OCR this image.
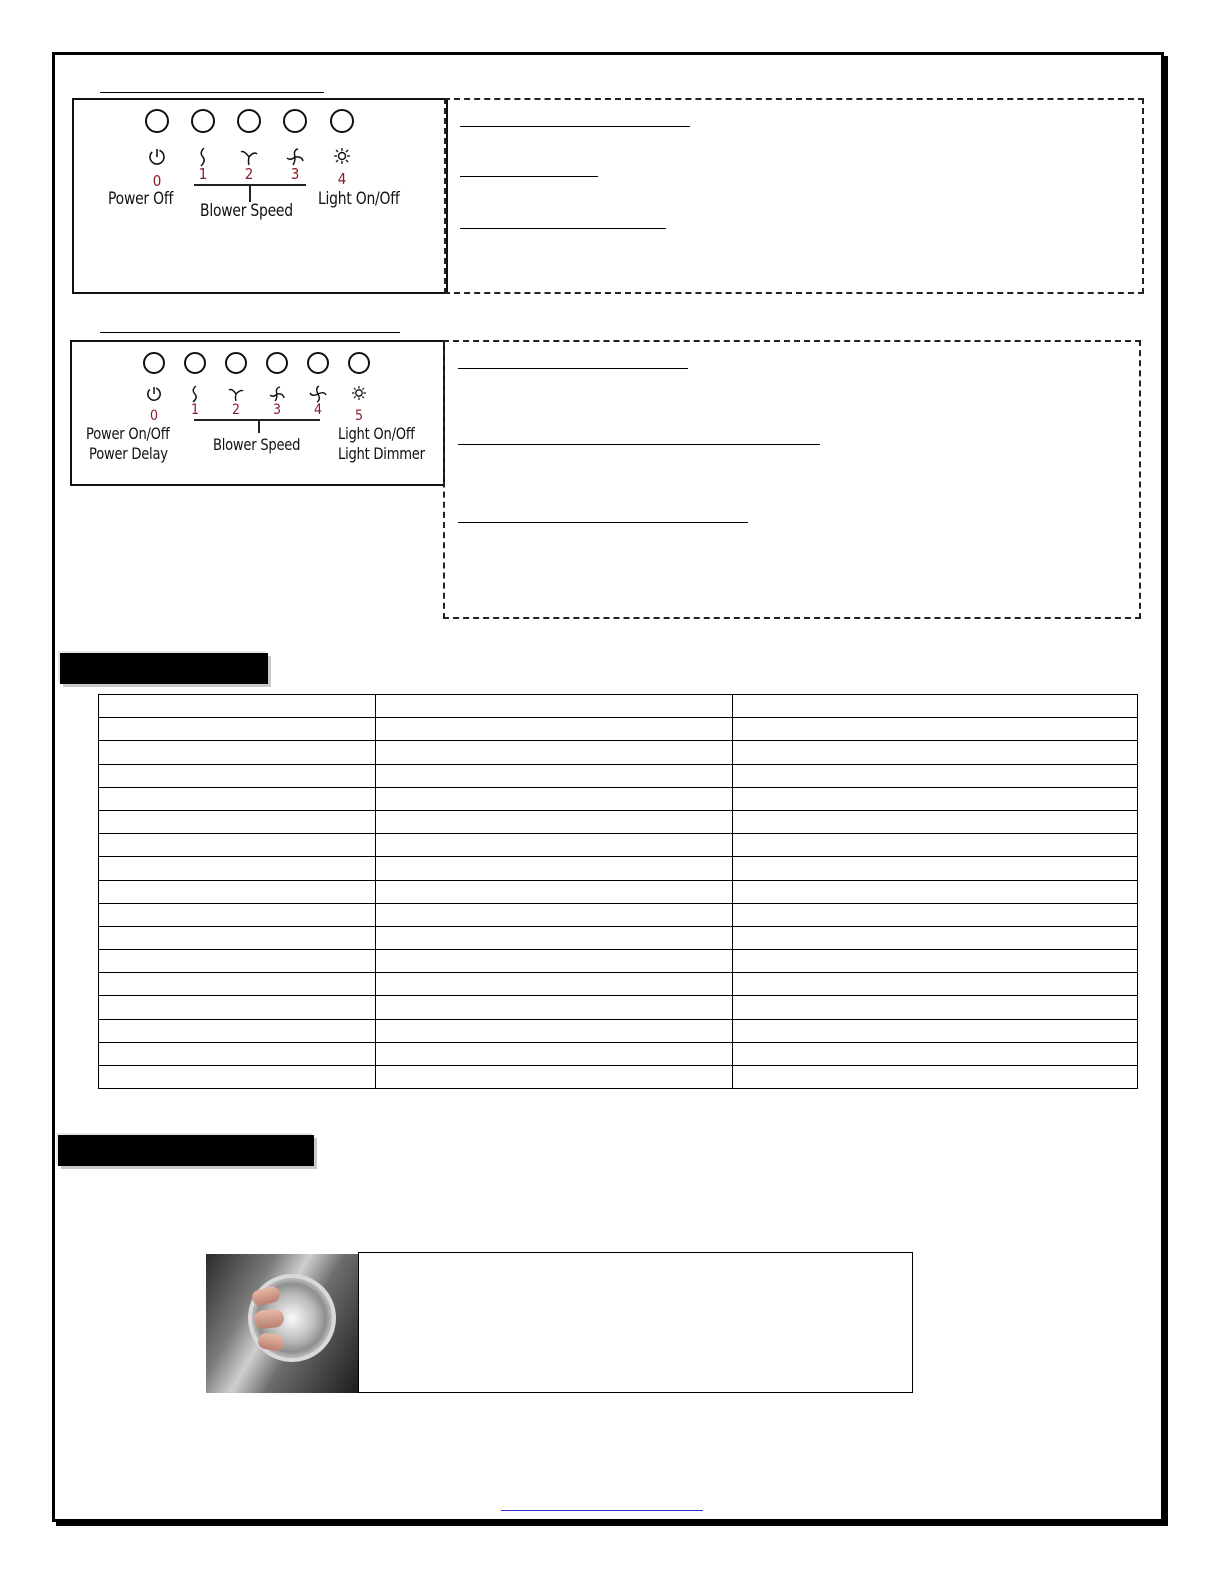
0	1	2	3	4
Power Off
Blower Speed
Light On/Off
0	1	2	3	4	5
Power On/Off
Power Delay	Blower Speed
Light On/Off
Light Dimmer
